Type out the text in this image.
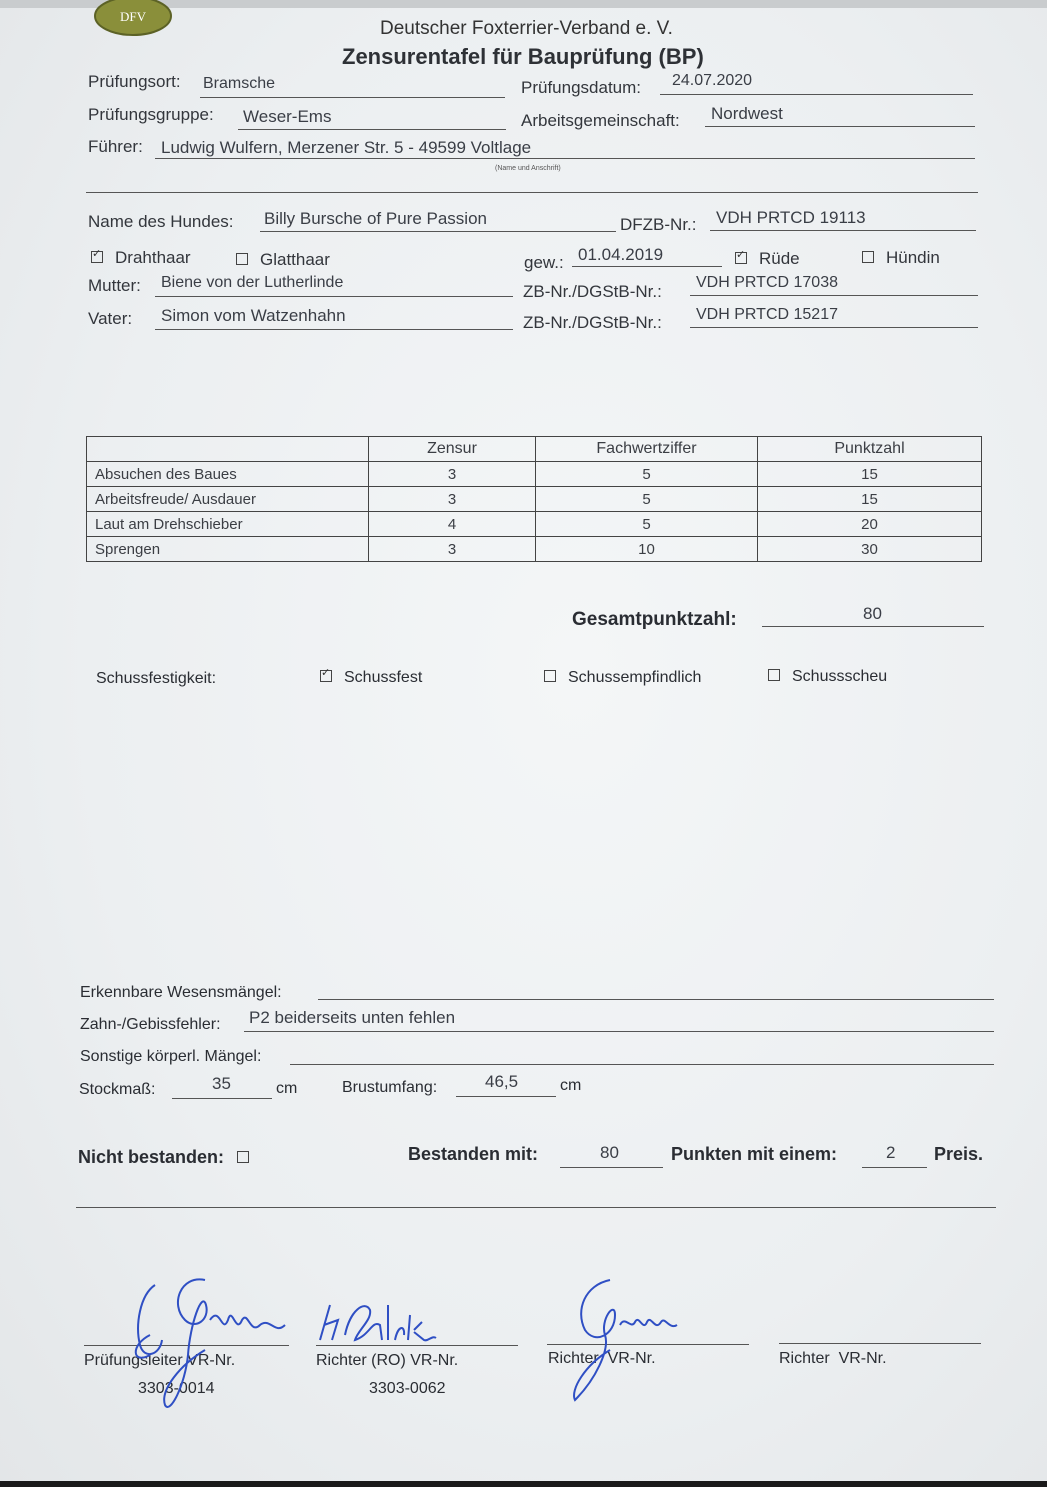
DFV
Deutscher Foxterrier-Verband e. V.
Zensurentafel für Bauprüfung (BP)
Prüfungsort: Bramsche	Prüfungsdatum: 24.07.2020
Prüfungsgruppe: Weser-Ems	Arbeitsgemeinschaft: Nordwest
Führer: Ludwig Wulfern, Merzener Str. 5 - 49599 Voltlage
(Name und Anschrift)
Name des Hundes: Billy Bursche of Pure Passion	DFZB-Nr.: VDH PRTCD 19113
✓Drahthaar	Glatthaar	gew.: 01.04.2019 ✓	Rüde	Hündin
Mutter: Biene von der Lutherlinde	ZB-Nr./DGStB-Nr.: VDH PRTCD 17038
Vater: Simon vom Watzenhahn	ZB-Nr./DGStB-Nr.: VDH PRTCD 15217
	Zensur	Fachwertziffer	Punktzahl
Absuchen des Baues	3	5	15
Arbeitsfreude/ Ausdauer	3	5	15
Laut am Drehschieber	4	5	20
Sprengen	3	10	30
Gesamtpunktzahl:	80
Schussfestigkeit: ✓	Schussfest	Schussempfindlich	Schussscheu
Erkennbare Wesensmängel:
Zahn-/Gebissfehler: P2 beiderseits unten fehlen
Sonstige körperl. Mängel:
Stockmaß:	35	cm	Brustumfang:	46,5	cm
Nicht bestanden:	Bestanden mit:	80	Punkten mit einem:	2 Preis.
Prüfungsleiter VR-Nr.
3303-0014
Richter (RO) VR-Nr.
3303-0062
Richter  VR-Nr.	Richter  VR-Nr.
